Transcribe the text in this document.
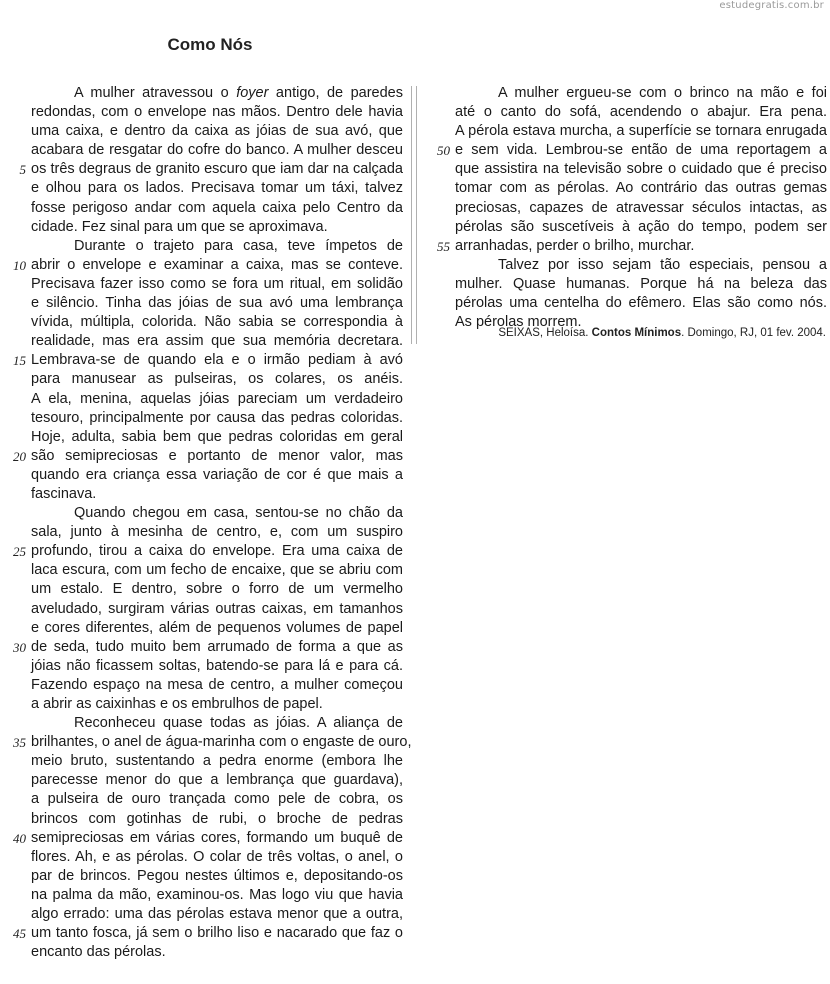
estudegratis.com.br
Como Nós
A mulher atravessou o foyer antigo, de paredes
redondas, com o envelope nas mãos. Dentro dele havia
uma caixa, e dentro da caixa as jóias de sua avó, que
acabara de resgatar do cofre do banco. A mulher desceu
os três degraus de granito escuro que iam dar na calçada
e olhou para os lados. Precisava tomar um táxi, talvez
fosse perigoso andar com aquela caixa pelo Centro da
cidade. Fez sinal para um que se aproximava.
Durante o trajeto para casa, teve ímpetos de
abrir o envelope e examinar a caixa, mas se conteve.
Precisava fazer isso como se fora um ritual, em solidão
e silêncio. Tinha das jóias de sua avó uma lembrança
vívida, múltipla, colorida. Não sabia se correspondia à
realidade, mas era assim que sua memória decretara.
Lembrava-se de quando ela e o irmão pediam à avó
para manusear as pulseiras, os colares, os anéis.
A ela, menina, aquelas jóias pareciam um verdadeiro
tesouro, principalmente por causa das pedras coloridas.
Hoje, adulta, sabia bem que pedras coloridas em geral
são semipreciosas e portanto de menor valor, mas
quando era criança essa variação de cor é que mais a
fascinava.
Quando chegou em casa, sentou-se no chão da
sala, junto à mesinha de centro, e, com um suspiro
profundo, tirou a caixa do envelope. Era uma caixa de
laca escura, com um fecho de encaixe, que se abriu com
um estalo. E dentro, sobre o forro de um vermelho
aveludado, surgiram várias outras caixas, em tamanhos
e cores diferentes, além de pequenos volumes de papel
de seda, tudo muito bem arrumado de forma a que as
jóias não ficassem soltas, batendo-se para lá e para cá.
Fazendo espaço na mesa de centro, a mulher começou
a abrir as caixinhas e os embrulhos de papel.
Reconheceu quase todas as jóias. A aliança de
brilhantes, o anel de água-marinha com o engaste de ouro,
meio bruto, sustentando a pedra enorme (embora lhe
parecesse menor do que a lembrança que guardava),
a pulseira de ouro trançada como pele de cobra, os
brincos com gotinhas de rubi, o broche de pedras
semipreciosas em várias cores, formando um buquê de
flores. Ah, e as pérolas. O colar de três voltas, o anel, o
par de brincos. Pegou nestes últimos e, depositando-os
na palma da mão, examinou-os. Mas logo viu que havia
algo errado: uma das pérolas estava menor que a outra,
um tanto fosca, já sem o brilho liso e nacarado que faz o
encanto das pérolas.
A mulher ergueu-se com o brinco na mão e foi
até o canto do sofá, acendendo o abajur. Era pena.
A pérola estava murcha, a superfície se tornara enrugada
e sem vida. Lembrou-se então de uma reportagem a
que assistira na televisão sobre o cuidado que é preciso
tomar com as pérolas. Ao contrário das outras gemas
preciosas, capazes de atravessar séculos intactas, as
pérolas são suscetíveis à ação do tempo, podem ser
arranhadas, perder o brilho, murchar.
Talvez por isso sejam tão especiais, pensou a
mulher. Quase humanas. Porque há na beleza das
pérolas uma centelha do efêmero. Elas são como nós.
As pérolas morrem.
SEIXAS, Heloísa. Contos Mínimos. Domingo, RJ, 01 fev. 2004.
5
10
15
20
25
30
35
40
45
50
55
